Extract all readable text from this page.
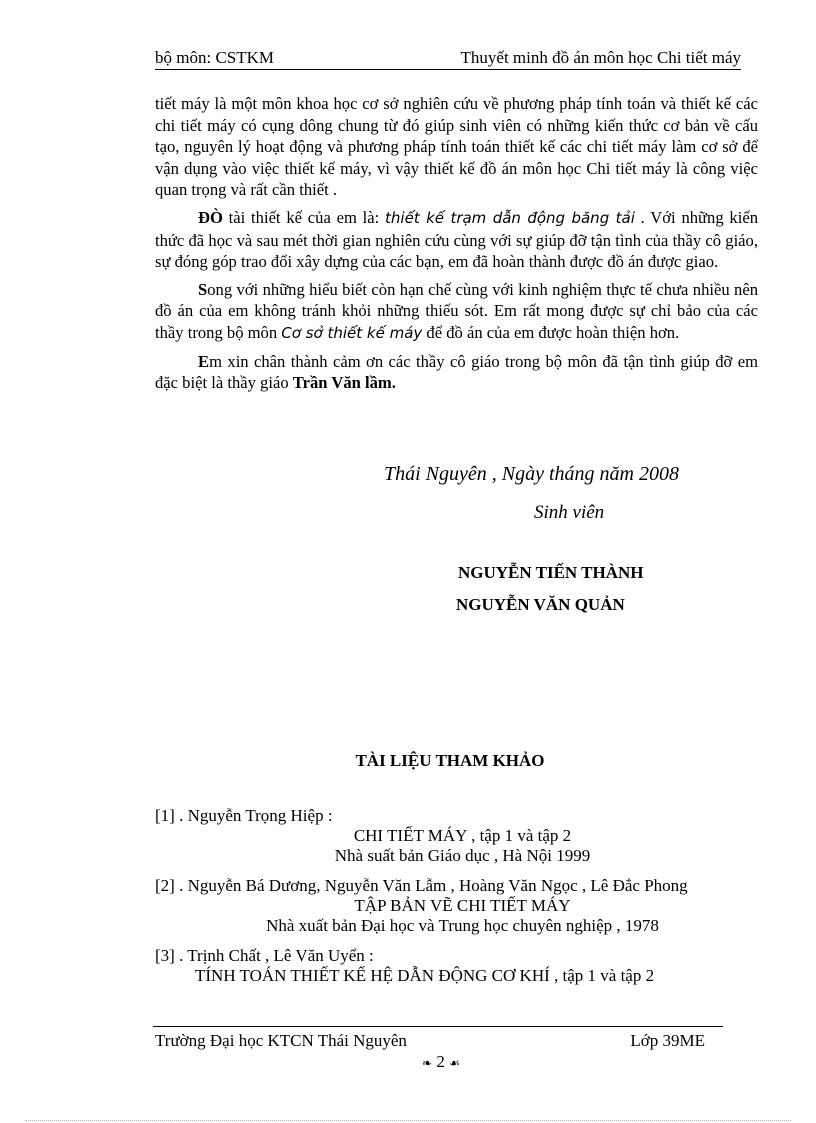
bộ môn: CSTKM	Thuyết minh đồ án môn học Chi tiết máy

tiết máy là một môn khoa học cơ sở nghiên cứu về phương pháp tính toán và thiết kế các chi tiết máy có cụng dông chung từ đó giúp sinh viên có những kiến thức cơ bản về cấu tạo, nguyên lý hoạt động và phương pháp tính toán thiết kế các chi tiết máy làm cơ sở để vận dụng vào việc thiết kế máy, vì vậy thiết kế đồ án môn học Chi tiết máy là công việc quan trọng và rất cần thiết .

ĐÒ tài thiết kế của em là: thiết kế trạm dẫn động băng tải . Với những kiến thức đã học và sau mét thời gian nghiên cứu cùng với sự giúp đỡ tận tình của thầy cô giáo, sự đóng góp trao đổi xây dựng của các bạn, em đã hoàn thành được đồ án được giao.

Song với những hiểu biết còn hạn chế cùng với kinh nghiệm thực tế chưa nhiều nên đồ án của em không tránh khỏi những thiếu sót. Em rất mong được sự chỉ bảo của các thầy trong bộ môn Cơ sở thiết kế máy để đồ án của em được hoàn thiện hơn.

Em xin chân thành cảm ơn các thầy cô giáo trong bộ môn đã tận tình giúp đỡ em đặc biệt là thầy giáo Trần Văn lầm.

Thái Nguyên , Ngày tháng năm 2008
Sinh viên
NGUYỄN TIẾN THÀNH
NGUYỄN VĂN QUẢN
TÀI LIỆU THAM KHẢO
[1] . Nguyễn Trọng Hiệp :
CHI TIẾT MÁY , tập 1 và tập 2
Nhà suất bản Giáo dục , Hà Nội 1999
[2] . Nguyễn Bá Dương, Nguyễn Văn Lẫm , Hoàng Văn Ngọc , Lê Đắc Phong
TẬP BẢN VẼ CHI TIẾT MÁY
Nhà xuất bản Đại học và Trung học chuyên nghiệp , 1978
[3] . Trịnh Chất , Lê Văn Uyển :
TÍNH TOÁN THIẾT KẾ HỆ DẪN ĐỘNG CƠ KHÍ , tập 1 và tập 2
Trường Đại học KTCN Thái Nguyên	Lớp 39ME
❧ 2 ☙
